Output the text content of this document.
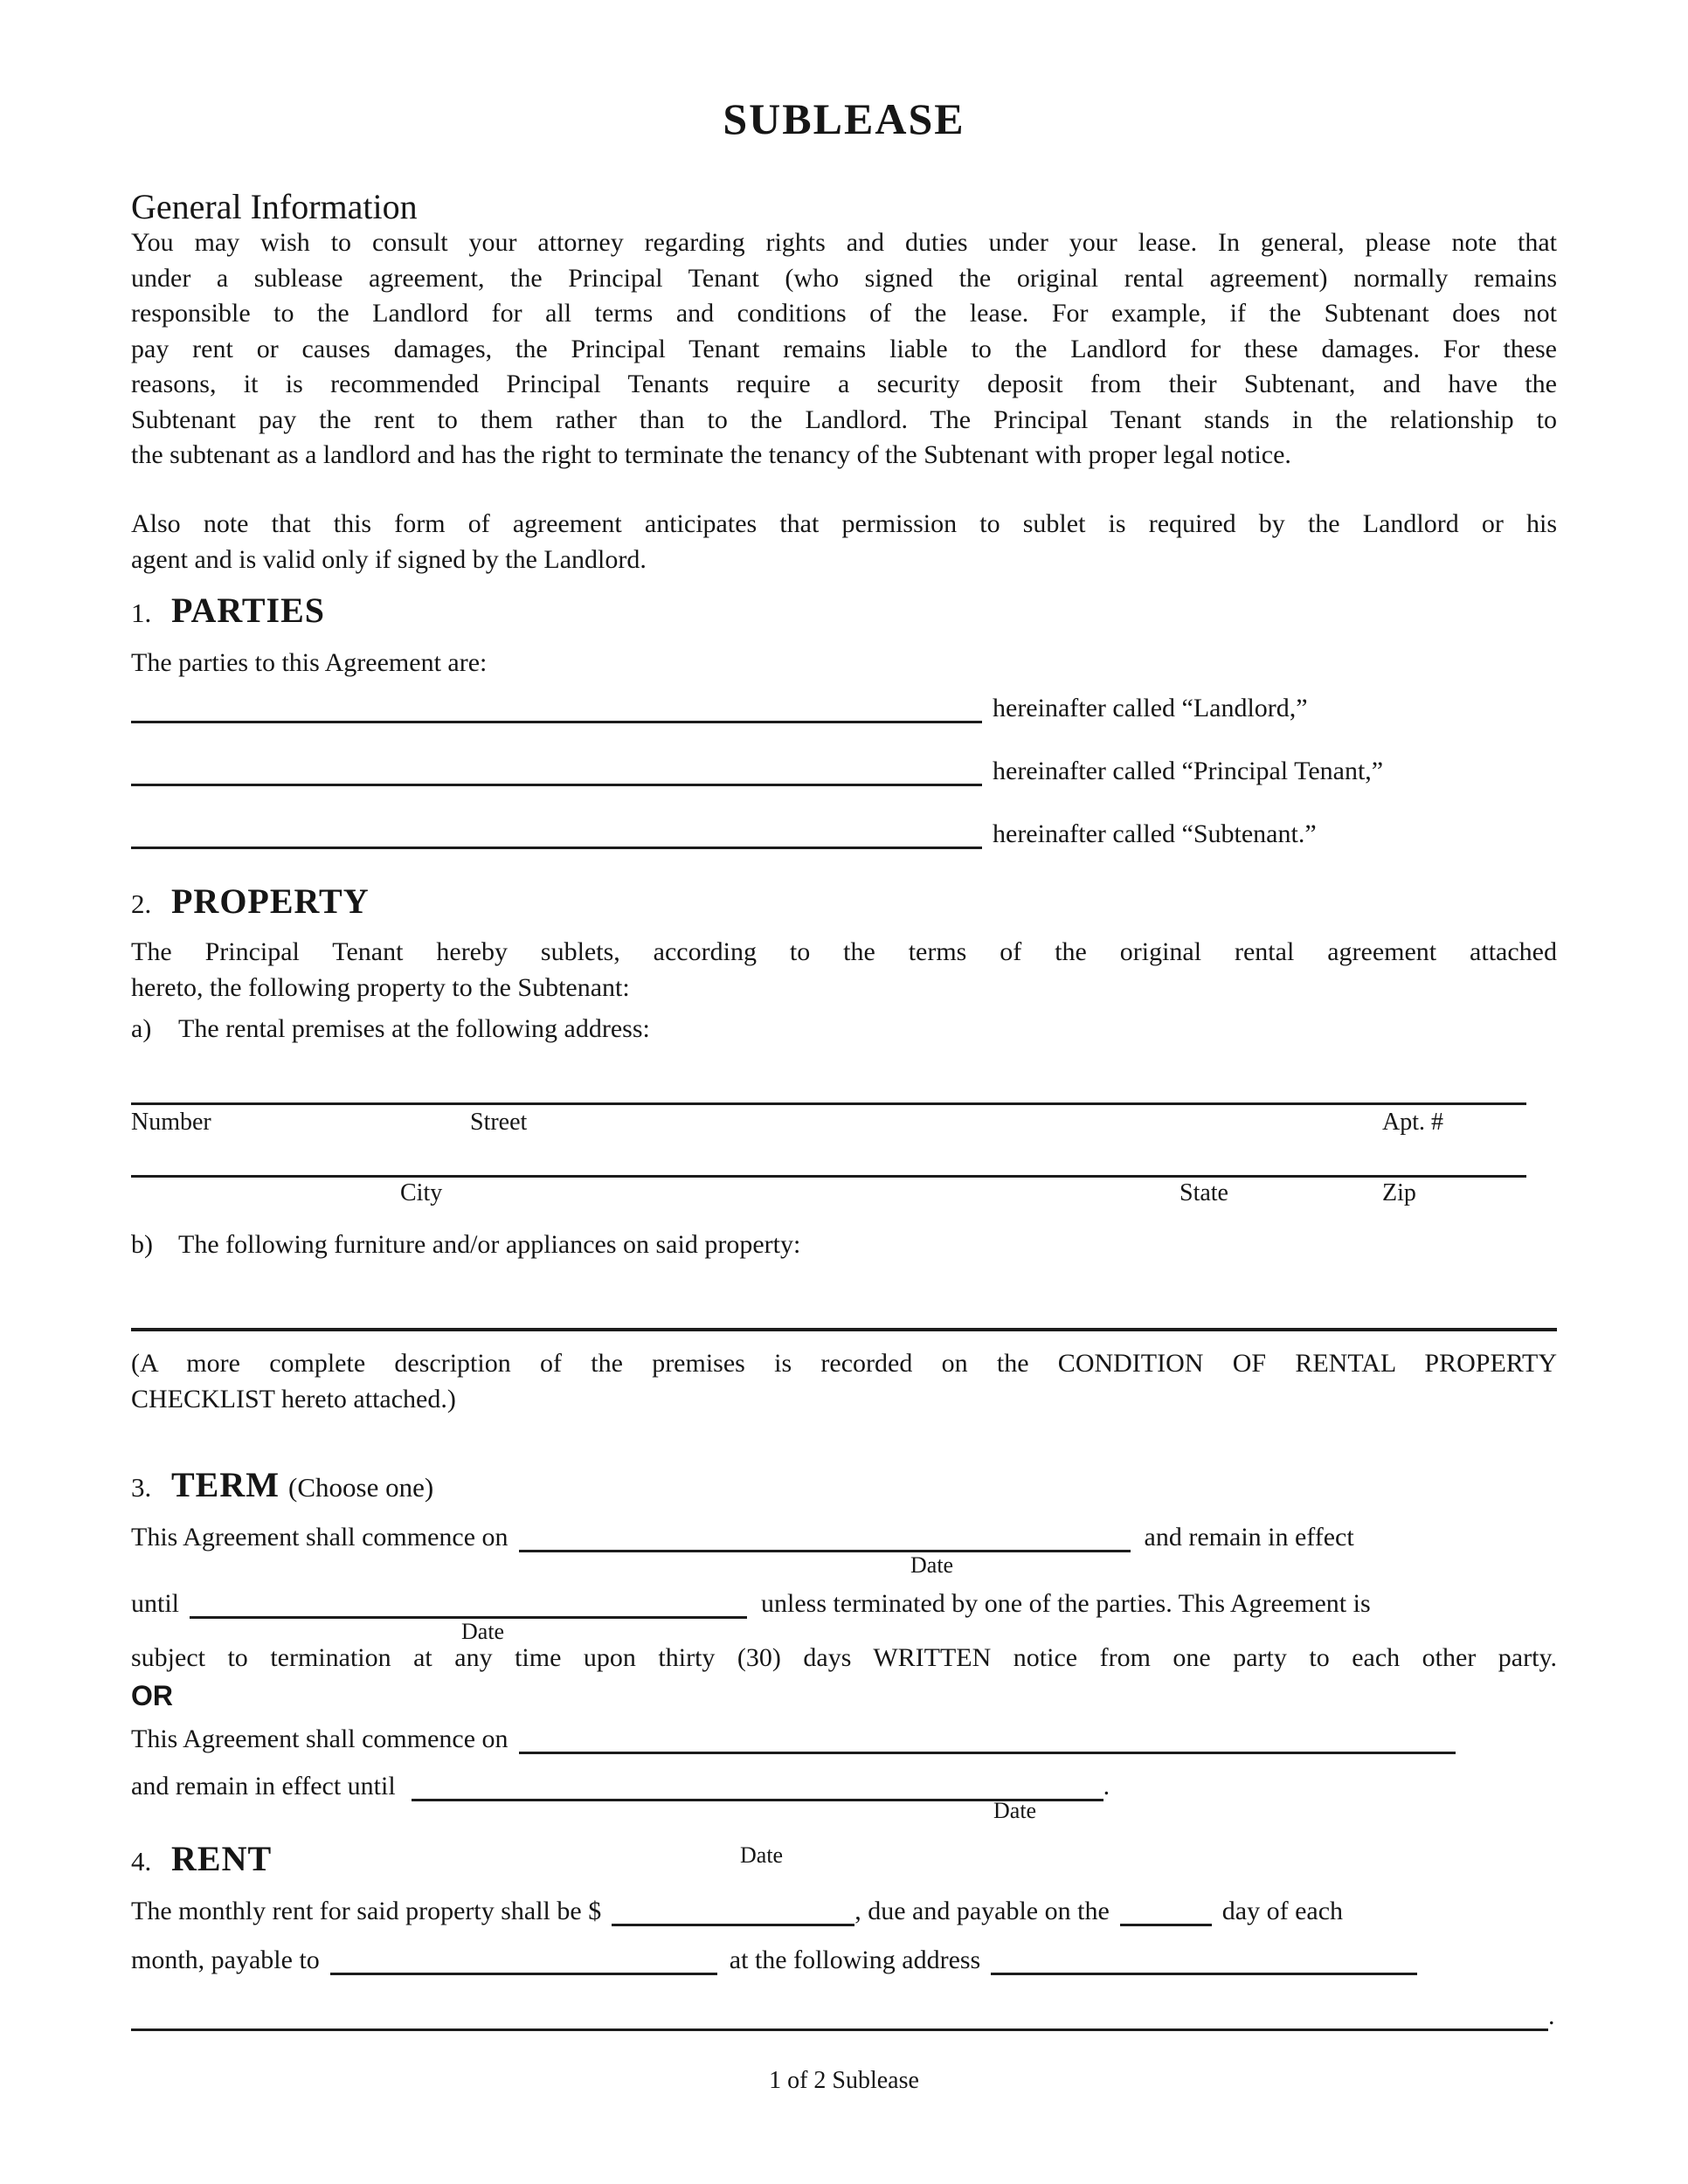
SUBLEASE
General Information
You may wish to consult your attorney regarding rights and duties under your lease. In general, please note that
under a sublease agreement, the Principal Tenant (who signed the original rental agreement) normally remains
responsible to the Landlord for all terms and conditions of the lease. For example, if the Subtenant does not
pay rent or causes damages, the Principal Tenant remains liable to the Landlord for these damages. For these
reasons, it is recommended Principal Tenants require a security deposit from their Subtenant, and have the
Subtenant pay the rent to them rather than to the Landlord. The Principal Tenant stands in the relationship to
the subtenant as a landlord and has the right to terminate the tenancy of the Subtenant with proper legal notice.
Also note that this form of agreement anticipates that permission to sublet is required by the Landlord or his
agent and is valid only if signed by the Landlord.
1. PARTIES
The parties to this Agreement are:
hereinafter called “Landlord,”
hereinafter called “Principal Tenant,”
hereinafter called “Subtenant.”
2. PROPERTY
The Principal Tenant hereby sublets, according to the terms of the original rental agreement attached
hereto, the following property to the Subtenant:
a) The rental premises at the following address:
Number	Street	Apt. #
City	State	Zip
b) The following furniture and/or appliances on said property:
(A more complete description of the premises is recorded on the CONDITION OF RENTAL PROPERTY
CHECKLIST hereto attached.)
3. TERM (Choose one)
This Agreement shall commence on	and remain in effect
Date
until	unless terminated by one of the parties. This Agreement is
Date
subject to termination at any time upon thirty (30) days WRITTEN notice from one party to each other party.
OR
This Agreement shall commence on
and remain in effect until	.
Date
Date
4. RENT
The monthly rent for said property shall be $	, due and payable on the	day of each
month, payable to	at the following address
.
1 of 2 Sublease
